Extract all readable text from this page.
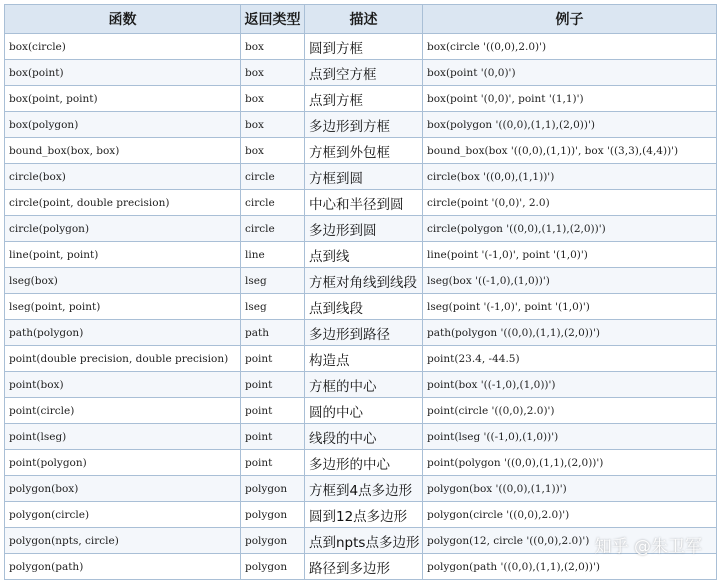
函数	返回类型	描述	例子
box(circle)	box	圆到方框	box(circle '((0,0),2.0)')
box(point)	box	点到空方框	box(point '(0,0)')
box(point, point)	box	点到方框	box(point '(0,0)', point '(1,1)')
box(polygon)	box	多边形到方框	box(polygon '((0,0),(1,1),(2,0))')
bound_box(box, box)	box	方框到外包框	bound_box(box '((0,0),(1,1))', box '((3,3),(4,4))')
circle(box)	circle	方框到圆	circle(box '((0,0),(1,1))')
circle(point, double precision)	circle	中心和半径到圆	circle(point '(0,0)', 2.0)
circle(polygon)	circle	多边形到圆	circle(polygon '((0,0),(1,1),(2,0))')
line(point, point)	line	点到线	line(point '(-1,0)', point '(1,0)')
lseg(box)	lseg	方框对角线到线段	lseg(box '((-1,0),(1,0))')
lseg(point, point)	lseg	点到线段	lseg(point '(-1,0)', point '(1,0)')
path(polygon)	path	多边形到路径	path(polygon '((0,0),(1,1),(2,0))')
point(double precision, double precision)	point	构造点	point(23.4, -44.5)
point(box)	point	方框的中心	point(box '((-1,0),(1,0))')
point(circle)	point	圆的中心	point(circle '((0,0),2.0)')
point(lseg)	point	线段的中心	point(lseg '((-1,0),(1,0))')
point(polygon)	point	多边形的中心	point(polygon '((0,0),(1,1),(2,0))')
polygon(box)	polygon	方框到4点多边形	polygon(box '((0,0),(1,1))')
polygon(circle)	polygon	圆到12点多边形	polygon(circle '((0,0),2.0)')
polygon(npts, circle)	polygon	点到npts点多边形	polygon(12, circle '((0,0),2.0)')
polygon(path)	polygon	路径到多边形	polygon(path '((0,0),(1,1),(2,0))')
知乎 @朱卫军
